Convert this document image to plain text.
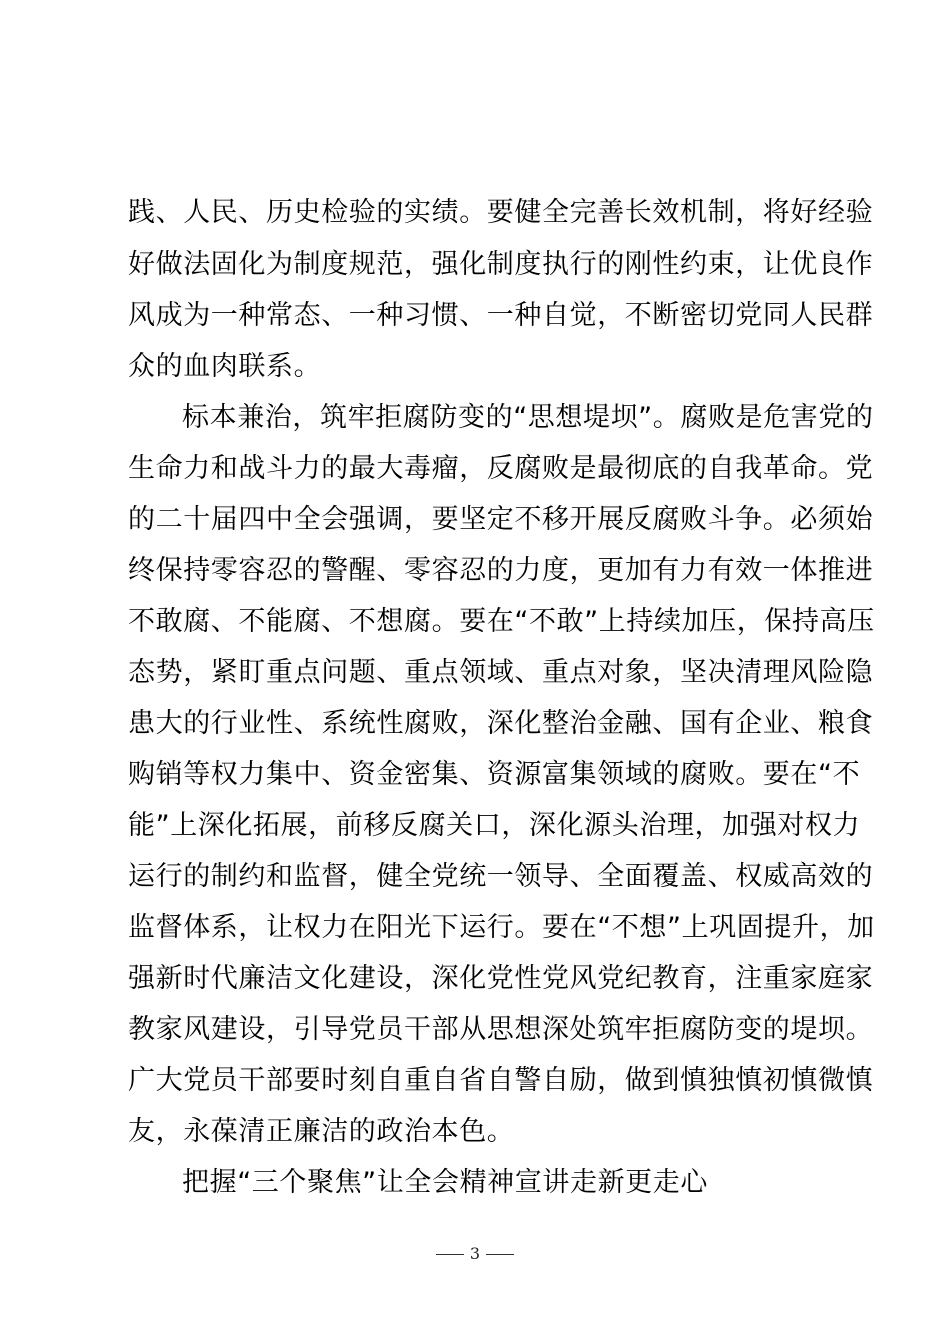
践、人民、历史检验的实绩。要健全完善长效机制，将好经验

好做法固化为制度规范，强化制度执行的刚性约束，让优良作

风成为一种常态、一种习惯、一种自觉，不断密切党同人民群

众的血肉联系。

标本兼治，筑牢拒腐防变的“思想堤坝”。腐败是危害党的

生命力和战斗力的最大毒瘤，反腐败是最彻底的自我革命。党

的二十届四中全会强调，要坚定不移开展反腐败斗争。必须始

终保持零容忍的警醒、零容忍的力度，更加有力有效一体推进

不敢腐、不能腐、不想腐。要在“不敢”上持续加压，保持高压

态势，紧盯重点问题、重点领域、重点对象，坚决清理风险隐

患大的行业性、系统性腐败，深化整治金融、国有企业、粮食

购销等权力集中、资金密集、资源富集领域的腐败。要在“不

能”上深化拓展，前移反腐关口，深化源头治理，加强对权力

运行的制约和监督，健全党统一领导、全面覆盖、权威高效的

监督体系，让权力在阳光下运行。要在“不想”上巩固提升，加

强新时代廉洁文化建设，深化党性党风党纪教育，注重家庭家

教家风建设，引导党员干部从思想深处筑牢拒腐防变的堤坝。

广大党员干部要时刻自重自省自警自励，做到慎独慎初慎微慎

友，永葆清正廉洁的政治本色。

把握“三个聚焦”让全会精神宣讲走新更走心

3
